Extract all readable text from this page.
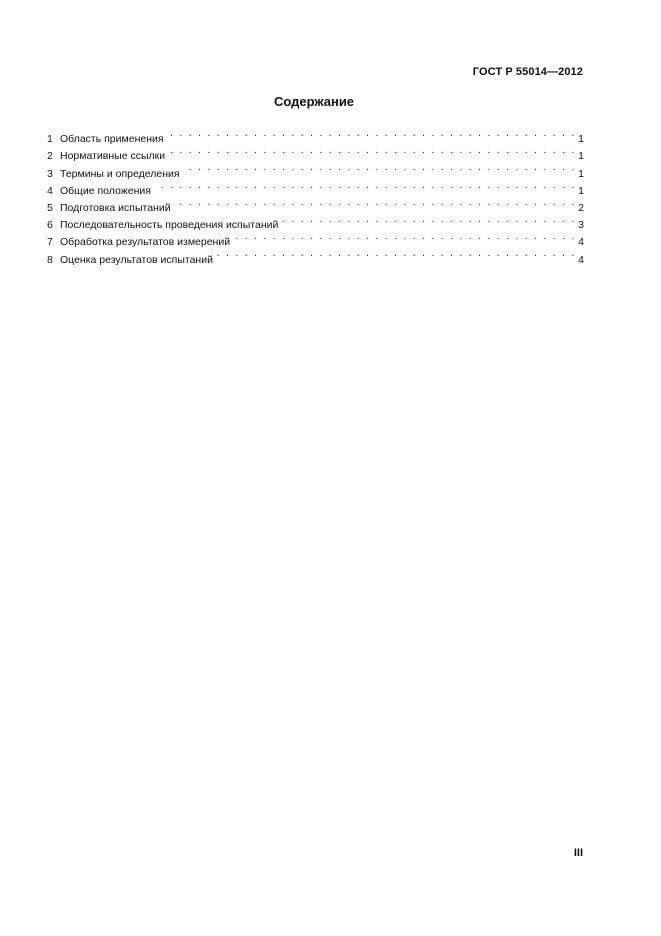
ГОСТ Р 55014—2012
Содержание
1 Область применения . . .	1
2 Нормативные ссылки . . .	1
3 Термины и определения . . .	1
4 Общие положения . . .	1
5 Подготовка испытаний . . .	2
6 Последовательность проведения испытаний . . .	3
7 Обработка результатов измерений . . .	4
8 Оценка результатов испытаний . . .	4
III
